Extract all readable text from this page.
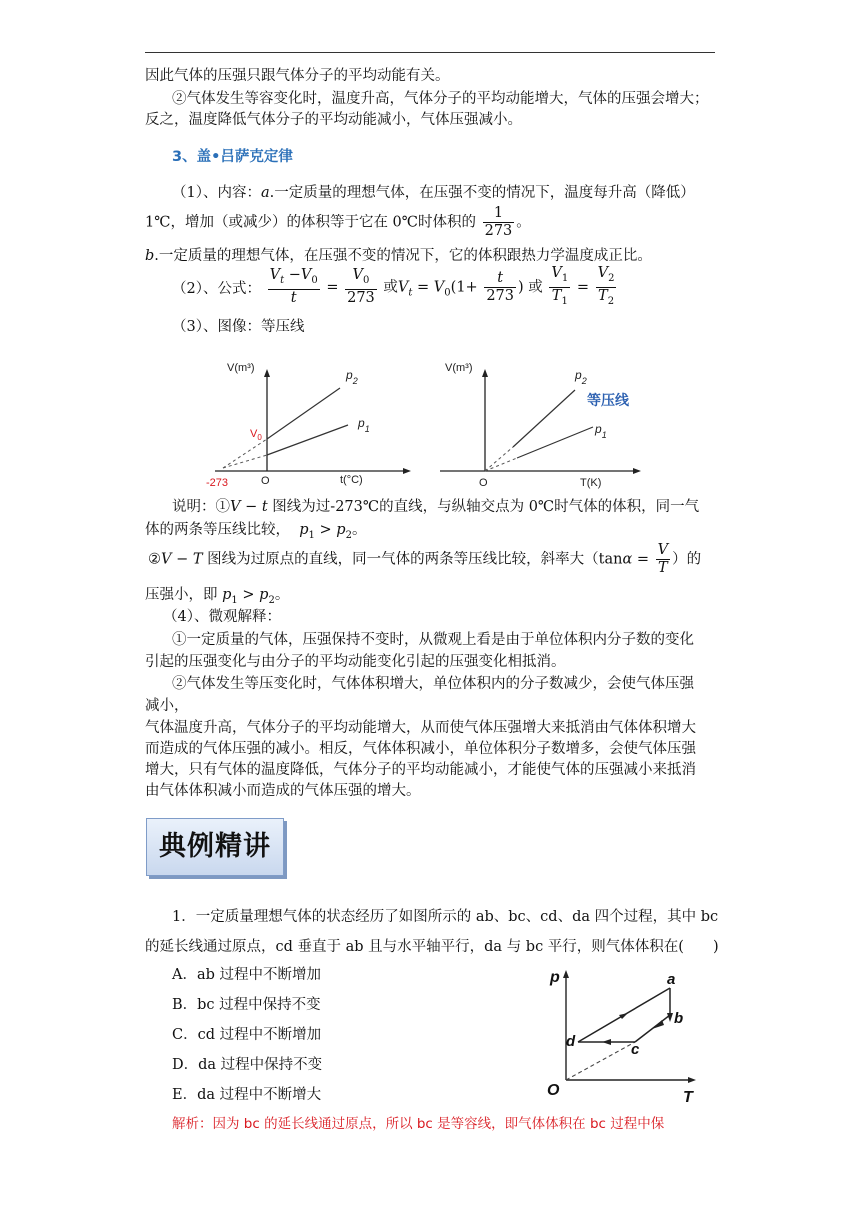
因此气体的压强只跟气体分子的平均动能有关。
②气体发生等容变化时，温度升高，气体分子的平均动能增大，气体的压强会增大；
反之，温度降低气体分子的平均动能减小，气体压强减小。
3、盖•吕萨克定律
（1）、内容：a.一定质量的理想气体，在压强不变的情况下，温度每升高（降低）
1℃，增加（或减少）的体积等于它在 0℃时体积的 $\frac{1}{273}$ 。
b.一定质量的理想气体，在压强不变的情况下，它的体积跟热力学温度成正比。
（2）、公式： $\frac{V_t -V_0}{t} = \frac{V_0}{273}$ 或$V_t = V_0(1+ \frac{t}{273}$ ) 或 $\frac{V_1}{T_1} = \frac{V_2}{T_2}$
（3）、图像：等压线
V(m³)
t(°C)
O
-273
$V_0$
$p_2$
$p_1$
V(m³)
T(K)
O
$p_2$
$p_1$
等压线
说明：①V − t 图线为过-273℃的直线，与纵轴交点为 0℃时气体的体积，同一气
体的两条等压线比较， $p_1 > p_2$。
②V − T 图线为过原点的直线，同一气体的两条等压线比较，斜率大（$\tan\alpha = \frac{V}{T}$ ）的
压强小，即 $p_1 > p_2$。
（4）、微观解释：
①一定质量的气体，压强保持不变时，从微观上看是由于单位体积内分子数的变化
引起的压强变化与由分子的平均动能变化引起的压强变化相抵消。
②气体发生等压变化时，气体体积增大，单位体积内的分子数减少，会使气体压强
减小，
气体温度升高，气体分子的平均动能增大，从而使气体压强增大来抵消由气体体积增大
而造成的气体压强的减小。相反，气体体积减小，单位体积分子数增多，会使气体压强
增大，只有气体的温度降低，气体分子的平均动能减小，才能使气体的压强减小来抵消
由气体体积减小而造成的气体压强的增大。
典例精讲
1．一定质量理想气体的状态经历了如图所示的 ab、bc、cd、da 四个过程，其中 bc
的延长线通过原点，cd 垂直于 ab 且与水平轴平行，da 与 bc 平行，则气体体积在(　　)
A．ab 过程中不断增加
B．bc 过程中保持不变
C．cd 过程中不断增加
D．da 过程中保持不变
E．da 过程中不断增大
p
T
O
a
b
c
d
解析：因为 bc 的延长线通过原点，所以 bc 是等容线，即气体体积在 bc 过程中保
